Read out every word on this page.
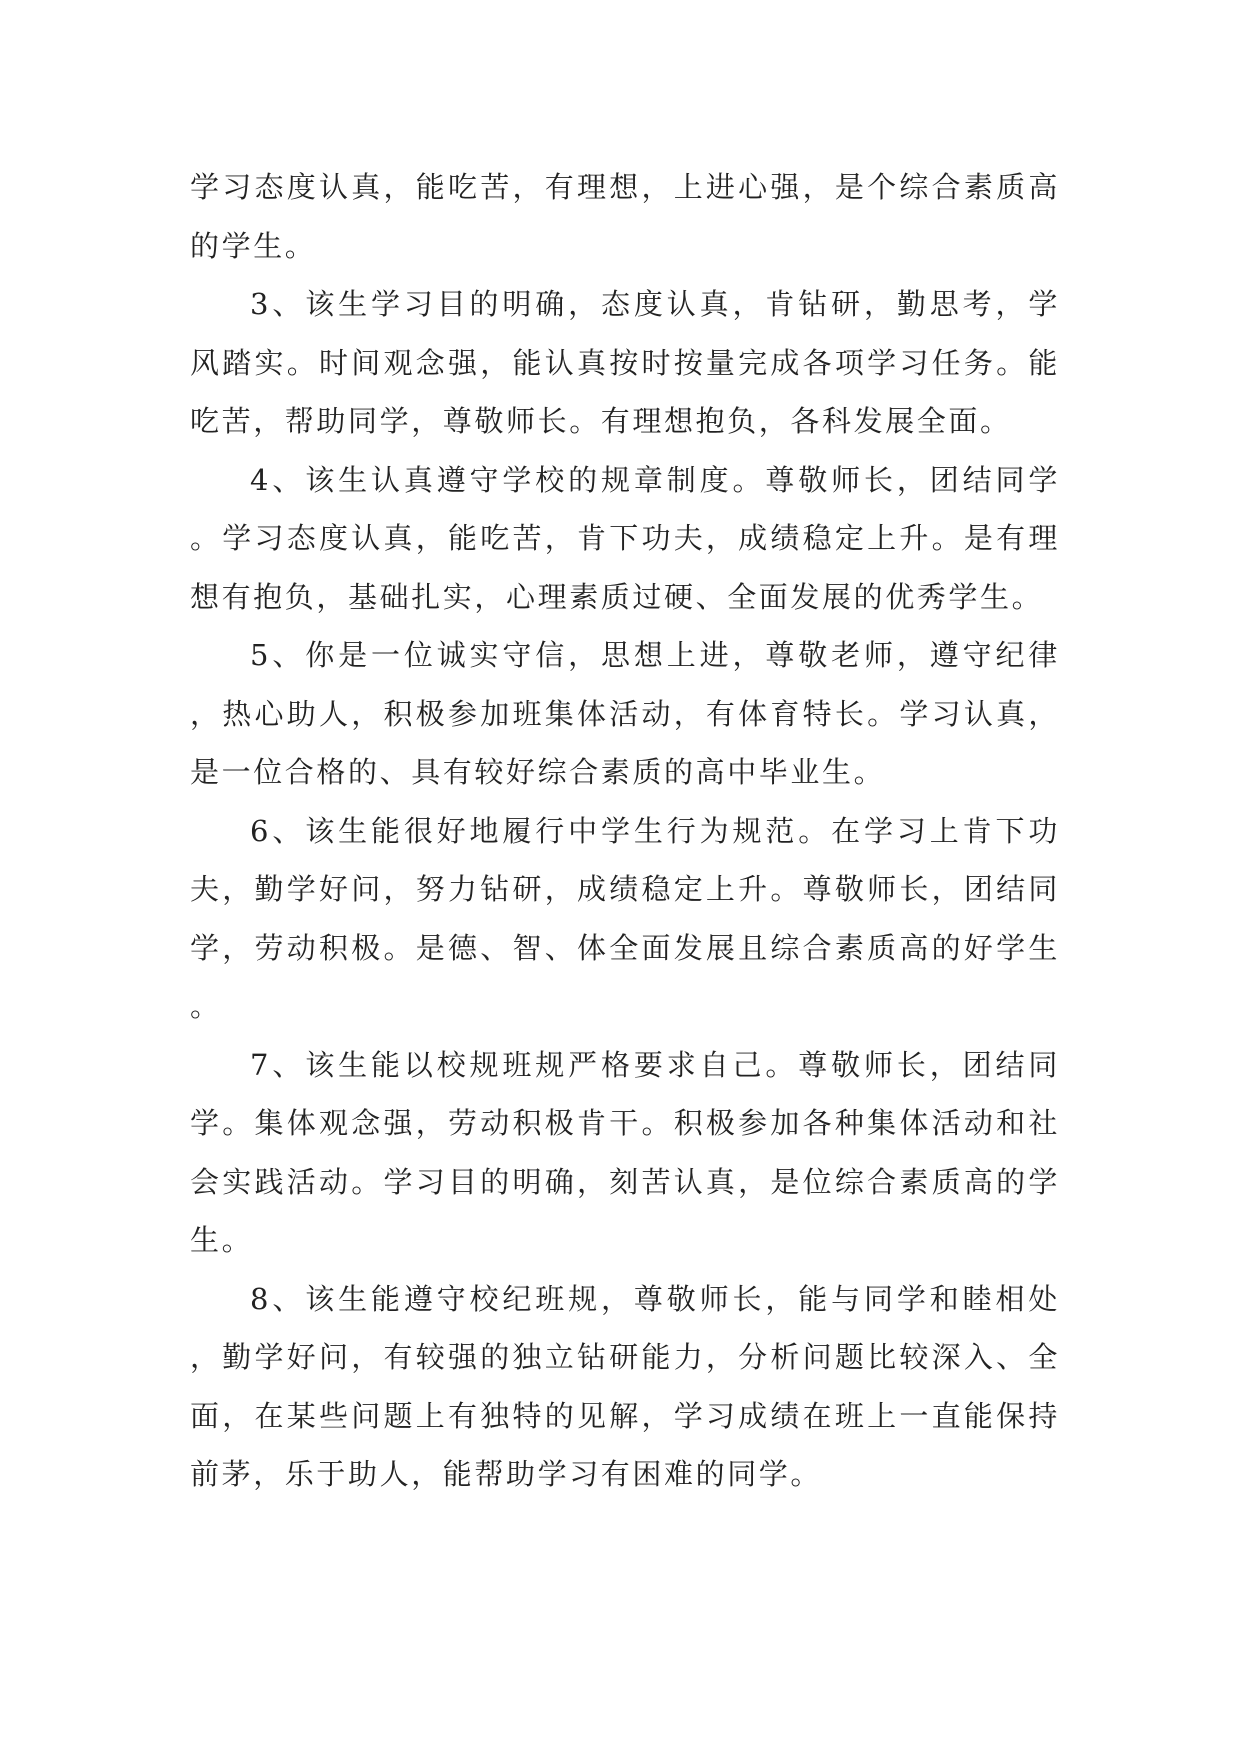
学习态度认真，能吃苦，有理想，上进心强，是个综合素质高的学生。

3、该生学习目的明确，态度认真，肯钻研，勤思考，学风踏实。时间观念强，能认真按时按量完成各项学习任务。能吃苦，帮助同学，尊敬师长。有理想抱负，各科发展全面。

4、该生认真遵守学校的规章制度。尊敬师长，团结同学。学习态度认真，能吃苦，肯下功夫，成绩稳定上升。是有理想有抱负，基础扎实，心理素质过硬、全面发展的优秀学生。

5、你是一位诚实守信，思想上进，尊敬老师，遵守纪律，热心助人，积极参加班集体活动，有体育特长。学习认真，是一位合格的、具有较好综合素质的高中毕业生。

6、该生能很好地履行中学生行为规范。在学习上肯下功夫，勤学好问，努力钻研，成绩稳定上升。尊敬师长，团结同学，劳动积极。是德、智、体全面发展且综合素质高的好学生。

7、该生能以校规班规严格要求自己。尊敬师长，团结同学。集体观念强，劳动积极肯干。积极参加各种集体活动和社会实践活动。学习目的明确，刻苦认真，是位综合素质高的学生。

8、该生能遵守校纪班规，尊敬师长，能与同学和睦相处，勤学好问，有较强的独立钻研能力，分析问题比较深入、全面，在某些问题上有独特的见解，学习成绩在班上一直能保持前茅，乐于助人，能帮助学习有困难的同学。
